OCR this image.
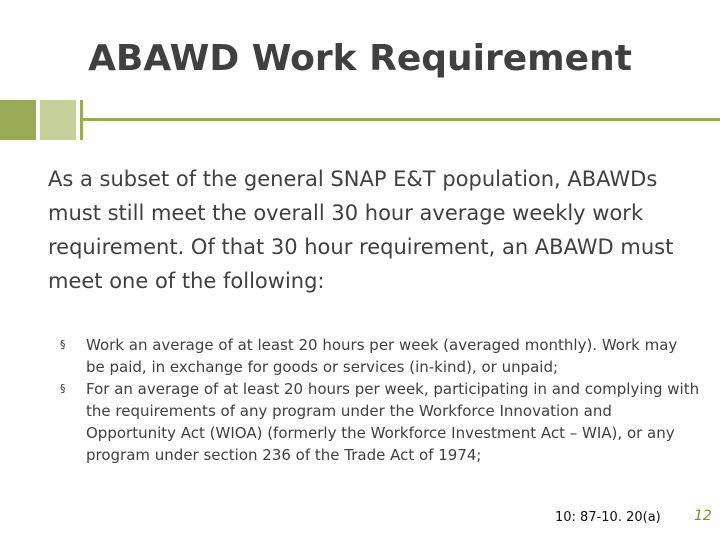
ABAWD Work Requirement
As a subset of the general SNAP E&T population, ABAWDs must still meet the overall 30 hour average weekly work requirement. Of that 30 hour requirement, an ABAWD must meet one of the following:
§ Work an average of at least 20 hours per week (averaged monthly). Work may be paid, in exchange for goods or services (in-kind), or unpaid;
§ For an average of at least 20 hours per week, participating in and complying with the requirements of any program under the Workforce Innovation and Opportunity Act (WIOA) (formerly the Workforce Investment Act – WIA), or any program under section 236 of the Trade Act of 1974;
10: 87-10. 20(a) 12
